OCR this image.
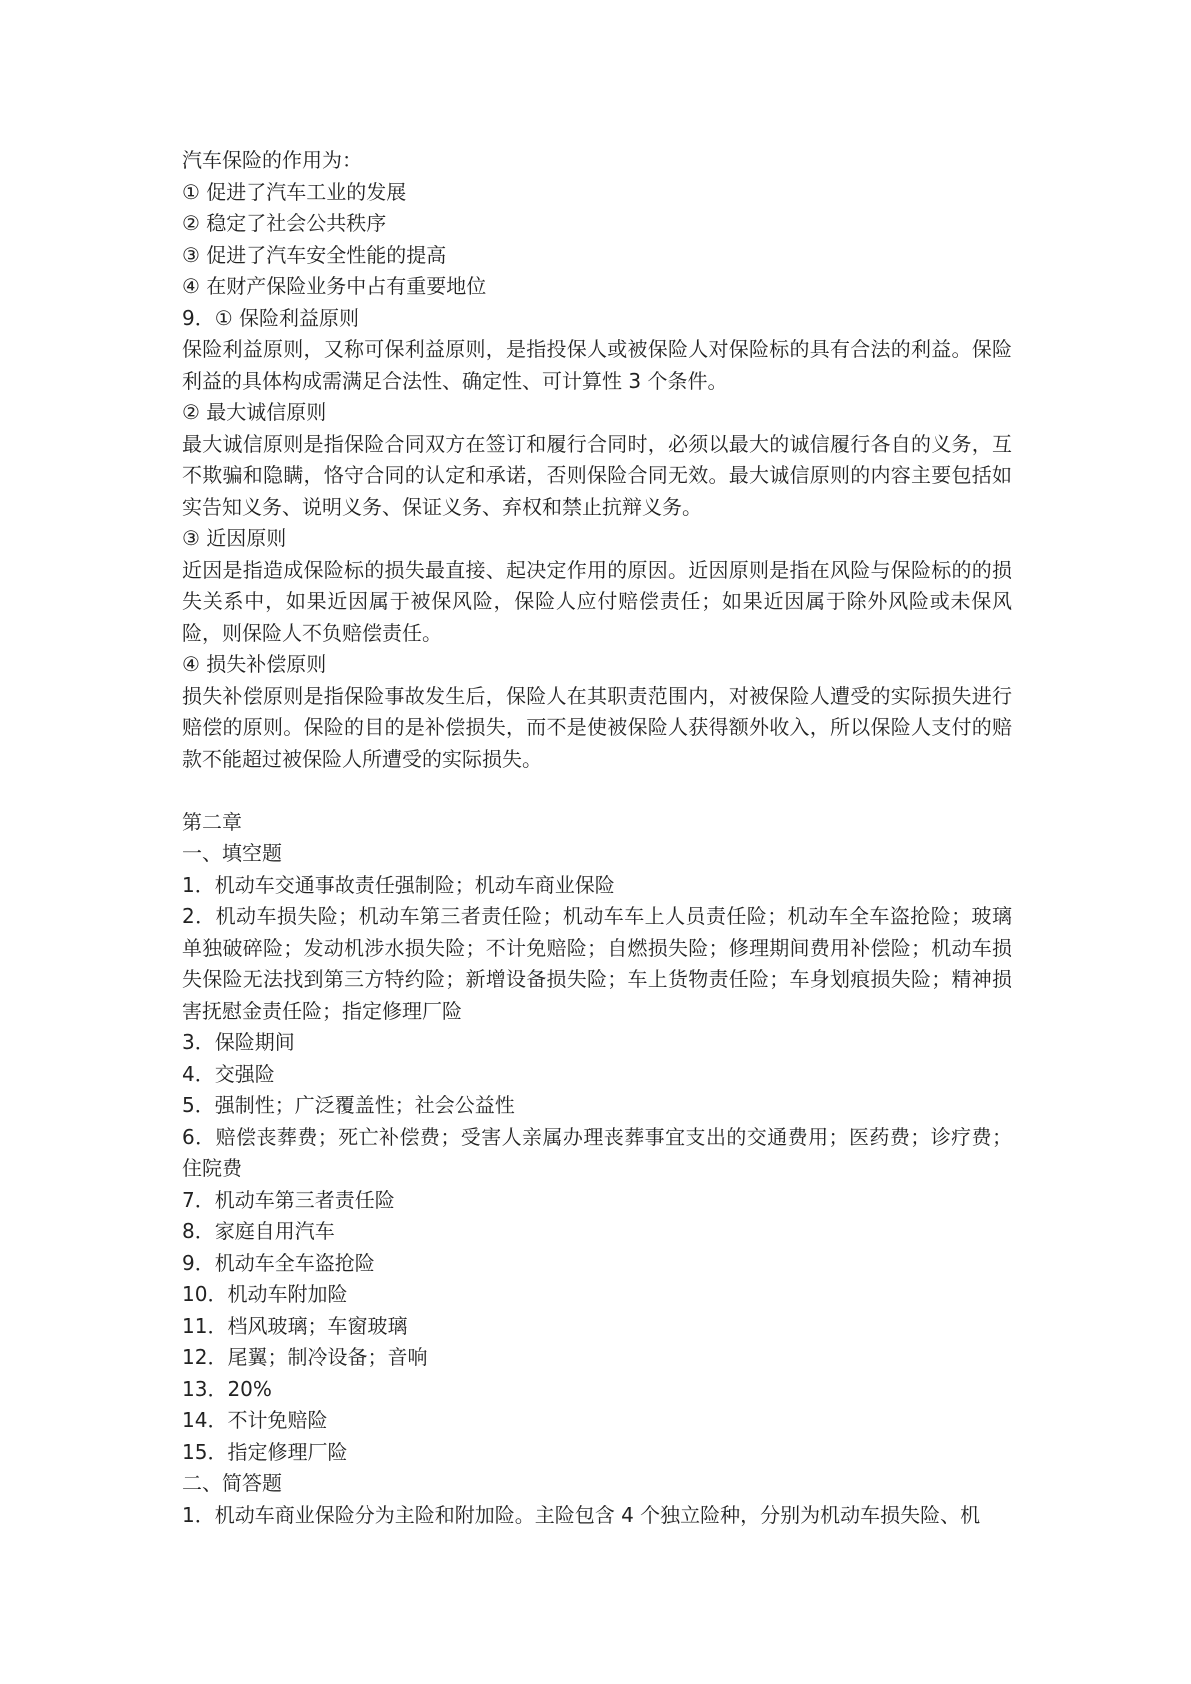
汽车保险的作用为：
① 促进了汽车工业的发展
② 稳定了社会公共秩序
③ 促进了汽车安全性能的提高
④ 在财产保险业务中占有重要地位
9．① 保险利益原则
保险利益原则，又称可保利益原则，是指投保人或被保险人对保险标的具有合法的利益。保险利益的具体构成需满足合法性、确定性、可计算性 3 个条件。
② 最大诚信原则
最大诚信原则是指保险合同双方在签订和履行合同时，必须以最大的诚信履行各自的义务，互不欺骗和隐瞒，恪守合同的认定和承诺，否则保险合同无效。最大诚信原则的内容主要包括如实告知义务、说明义务、保证义务、弃权和禁止抗辩义务。
③ 近因原则
近因是指造成保险标的损失最直接、起决定作用的原因。近因原则是指在风险与保险标的的损失关系中，如果近因属于被保风险，保险人应付赔偿责任；如果近因属于除外风险或未保风险，则保险人不负赔偿责任。
④ 损失补偿原则
损失补偿原则是指保险事故发生后，保险人在其职责范围内，对被保险人遭受的实际损失进行赔偿的原则。保险的目的是补偿损失，而不是使被保险人获得额外收入，所以保险人支付的赔款不能超过被保险人所遭受的实际损失。
第二章
一、填空题
1．机动车交通事故责任强制险；机动车商业保险
2．机动车损失险；机动车第三者责任险；机动车车上人员责任险；机动车全车盗抢险；玻璃单独破碎险；发动机涉水损失险；不计免赔险；自燃损失险；修理期间费用补偿险；机动车损失保险无法找到第三方特约险；新增设备损失险；车上货物责任险；车身划痕损失险；精神损害抚慰金责任险；指定修理厂险
3．保险期间
4．交强险
5．强制性；广泛覆盖性；社会公益性
6．赔偿丧葬费；死亡补偿费；受害人亲属办理丧葬事宜支出的交通费用；医药费；诊疗费；住院费
7．机动车第三者责任险
8．家庭自用汽车
9．机动车全车盗抢险
10．机动车附加险
11．档风玻璃；车窗玻璃
12．尾翼；制冷设备；音响
13．20%
14．不计免赔险
15．指定修理厂险
二、简答题
1．机动车商业保险分为主险和附加险。主险包含 4 个独立险种，分别为机动车损失险、机
